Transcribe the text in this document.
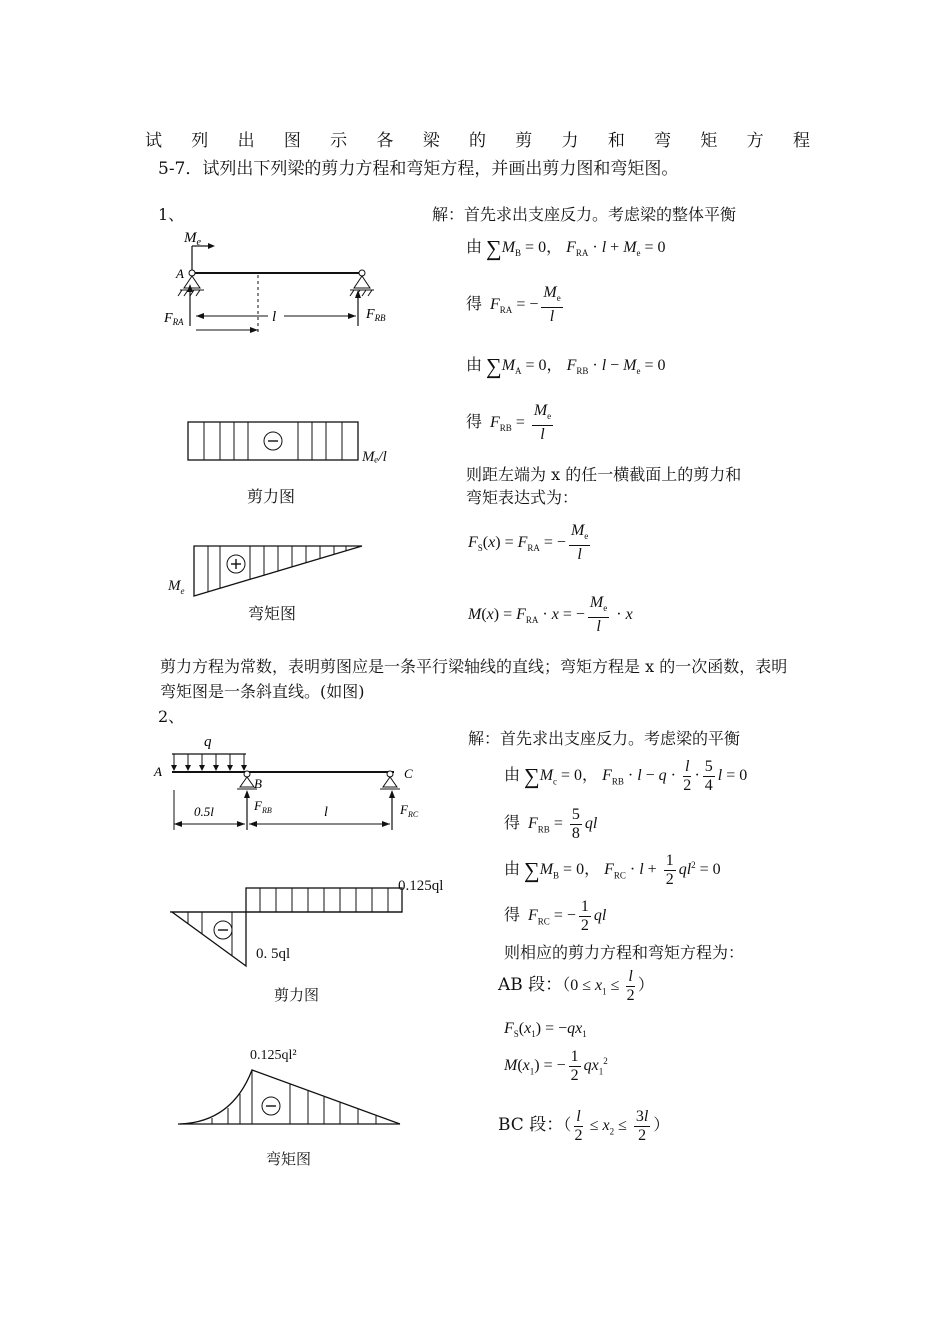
试 列 出 图 示 各 梁 的 剪 力 和 弯 矩 方 程
5-7．试列出下列梁的剪力方程和弯矩方程，并画出剪力图和弯矩图。
1、
$M_e$
A
$F_{RA}$	$F_{RB}$
l
Mₑ/l
剪力图
$M_e$
弯矩图
解：首先求出支座反力。考虑梁的整体平衡
由 $\sum M_B = 0$， $F_{RA} \cdot l + M_e = 0$
得 $F_{RA}$ = − $\frac{M_e}{l}$
由 $\sum M_A = 0$， $F_{RB} \cdot l - M_e = 0$
得 $F_{RB} = \frac{M_e}{l}$
则距左端为 x 的任一横截面上的剪力和
弯矩表达式为：
$F_S(x) = F_{RA}$ = − $\frac{M_e}{l}$
$M(x) = F_{RA} \cdot x$ = − $\frac{M_e}{l} \cdot x$
剪力方程为常数，表明剪图应是一条平行梁轴线的直线；弯矩方程是 x 的一次函数，表明弯矩图是一条斜直线。(如图)
2、
q
A
B
C
$F_{RB}$	$F_{RC}$
0.5l	l
0.125ql
0. 5ql
剪力图
0.125ql²
弯矩图
解：首先求出支座反力。考虑梁的平衡
由 $\sum M_c = 0$， $F_{RB} \cdot l - q \cdot \frac{l}{2} \cdot \frac{5}{4}$ l = 0
得 $F_{RB} = \frac{5}{8}$ ql
由 $\sum M_B = 0$， $F_{RC} \cdot l + \frac{1}{2} ql^2 = 0$
得 $F_{RC}$ = − $\frac{1}{2}$ ql
则相应的剪力方程和弯矩方程为：
AB 段：（$0 \le x_1 \le \frac{l}{2}$ ）
$F_S(x_1) = -qx_1$
$M(x_1)$ = − $\frac{1}{2} qx_1^2$
BC 段：（ $\frac{l}{2} \le x_2 \le \frac{3l}{2}$ ）
